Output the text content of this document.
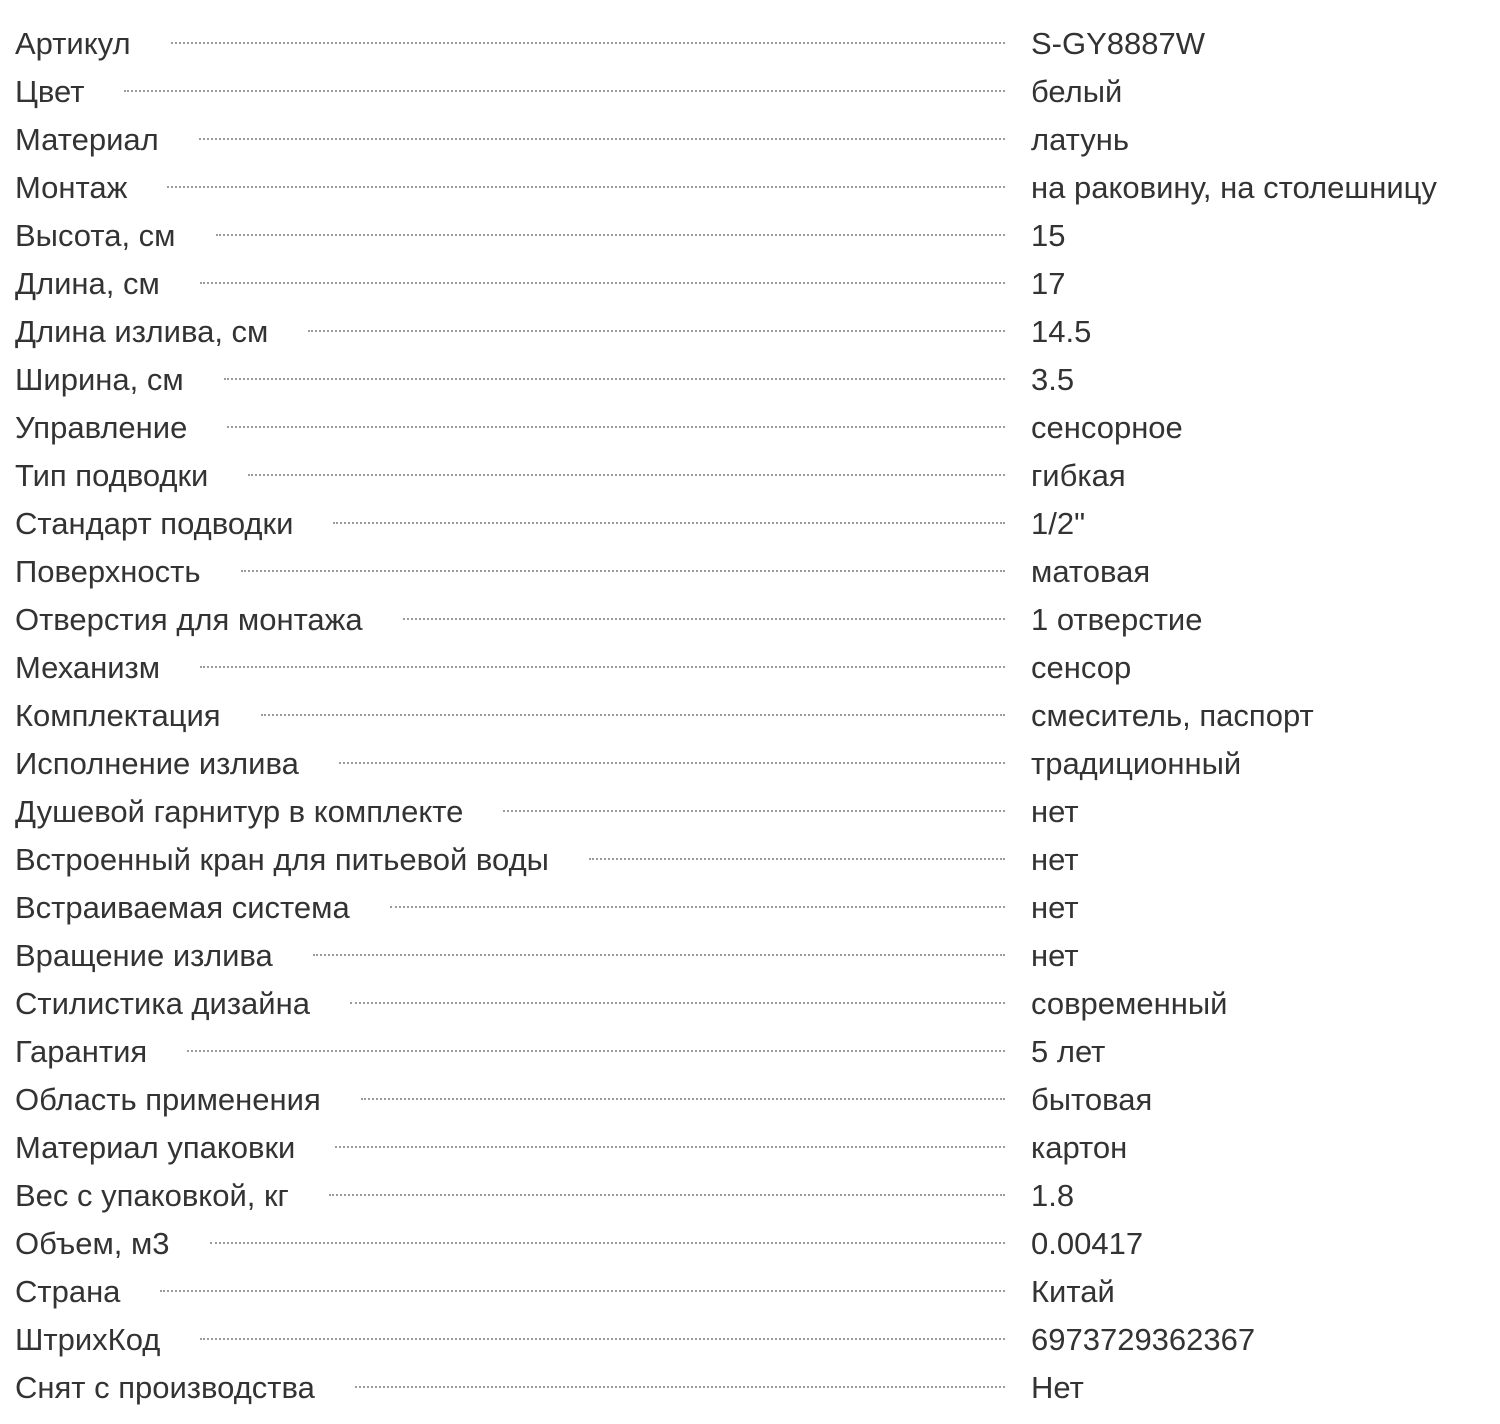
Артикул	S-GY8887W
Цвет	белый
Материал	латунь
Монтаж	на раковину, на столешницу
Высота, см	15
Длина, см	17
Длина излива, см	14.5
Ширина, см	3.5
Управление	сенсорное
Тип подводки	гибкая
Стандарт подводки	1/2"
Поверхность	матовая
Отверстия для монтажа	1 отверстие
Механизм	сенсор
Комплектация	смеситель, паспорт
Исполнение излива	традиционный
Душевой гарнитур в комплекте	нет
Встроенный кран для питьевой воды	нет
Встраиваемая система	нет
Вращение излива	нет
Стилистика дизайна	современный
Гарантия	5 лет
Область применения	бытовая
Материал упаковки	картон
Вес с упаковкой, кг	1.8
Объем, м3	0.00417
Страна	Китай
ШтрихКод	6973729362367
Снят с производства	Нет
